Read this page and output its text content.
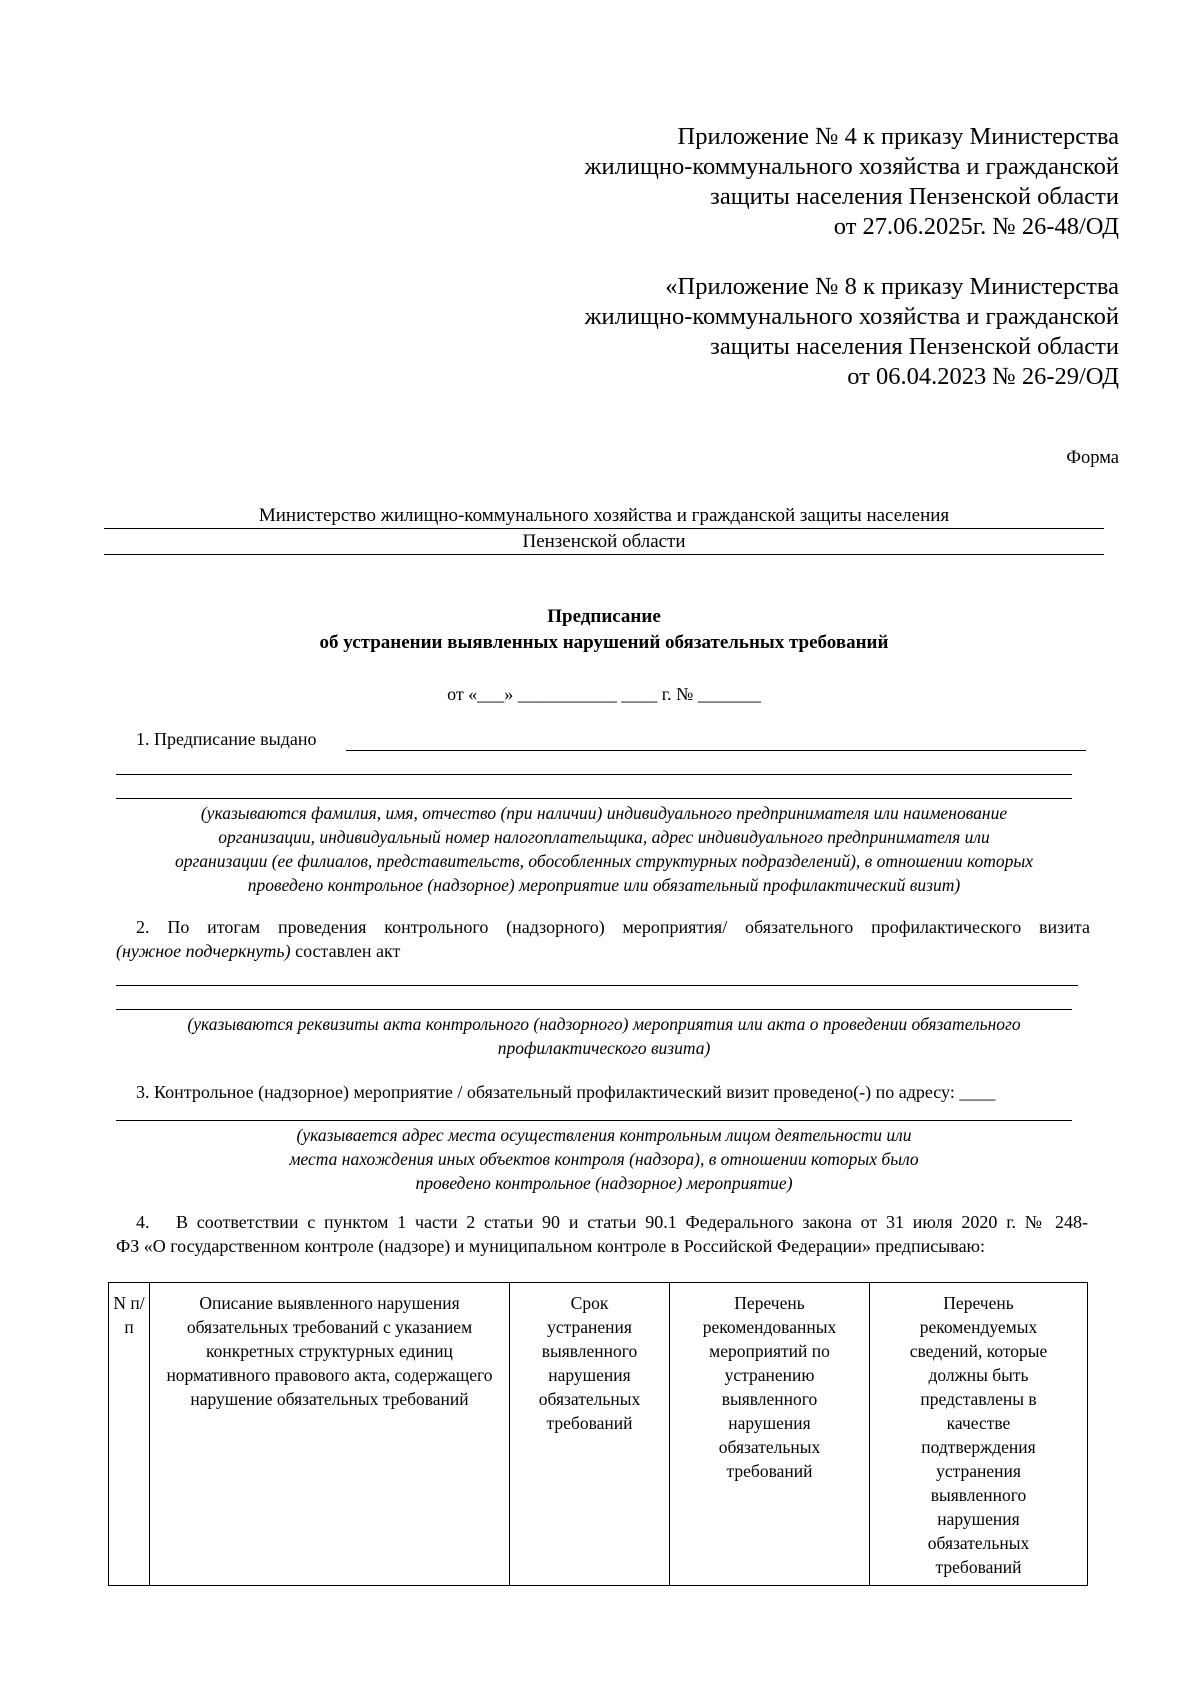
Приложение № 4 к приказу Министерства
жилищно-коммунального хозяйства и гражданской
защиты населения Пензенской области
от 27.06.2025г. № 26-48/ОД
«Приложение № 8 к приказу Министерства
жилищно-коммунального хозяйства и гражданской
защиты населения Пензенской области
от 06.04.2023 № 26-29/ОД
Форма
Министерство жилищно-коммунального хозяйства и гражданской защиты населения
Пензенской области
Предписание
об устранении выявленных нарушений обязательных требований
от «___» ___________ ____ г. № _______
1. Предписание выдано
(указываются фамилия, имя, отчество (при наличии) индивидуального предпринимателя или наименование
организации, индивидуальный номер налогоплательщика, адрес индивидуального предпринимателя или
организации (ее филиалов, представительств, обособленных структурных подразделений), в отношении которых
проведено контрольное (надзорное) мероприятие или обязательный профилактический визит)
2. По итогам проведения контрольного (надзорного) мероприятия/ обязательного профилактического визита
(нужное подчеркнуть) составлен акт
(указываются реквизиты акта контрольного (надзорного) мероприятия или акта о проведении обязательного
профилактического визита)
3. Контрольное (надзорное) мероприятие / обязательный профилактический визит проведено(-) по адресу: ____
(указывается адрес места осуществления контрольным лицом деятельности или
места нахождения иных объектов контроля (надзора), в отношении которых было
проведено контрольное (надзорное) мероприятие)
4. В соответствии с пунктом 1 части 2 статьи 90 и статьи 90.1 Федерального закона от 31 июля 2020 г. № 248-
ФЗ «О государственном контроле (надзоре) и муниципальном контроле в Российской Федерации» предписываю:
N п/п	Описание выявленного нарушения обязательных требований с указанием конкретных структурных единиц нормативного правового акта, содержащего нарушение обязательных требований	Срок устранения выявленного нарушения обязательных требований	Перечень рекомендованных мероприятий по устранению выявленного нарушения обязательных требований	Перечень рекомендуемых сведений, которые должны быть представлены в качестве подтверждения устранения выявленного нарушения обязательных требований
